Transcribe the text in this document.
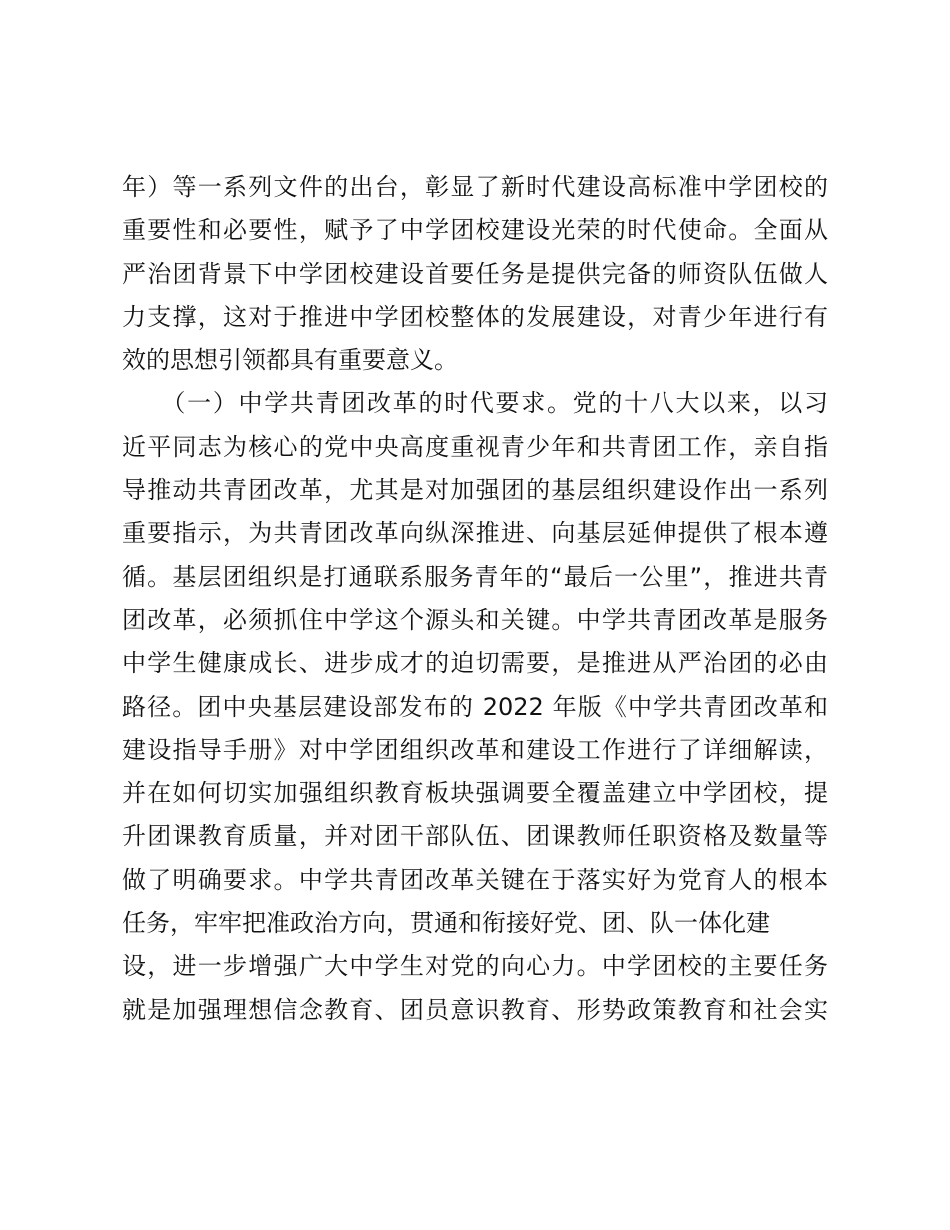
年）等一系列文件的出台，彰显了新时代建设高标准中学团校的
重要性和必要性，赋予了中学团校建设光荣的时代使命。全面从
严治团背景下中学团校建设首要任务是提供完备的师资队伍做人
力支撑，这对于推进中学团校整体的发展建设，对青少年进行有
效的思想引领都具有重要意义。
　　（一）中学共青团改革的时代要求。党的十八大以来，以习
近平同志为核心的党中央高度重视青少年和共青团工作，亲自指
导推动共青团改革，尤其是对加强团的基层组织建设作出一系列
重要指示，为共青团改革向纵深推进、向基层延伸提供了根本遵
循。基层团组织是打通联系服务青年的“最后一公里”，推进共青
团改革，必须抓住中学这个源头和关键。中学共青团改革是服务
中学生健康成长、进步成才的迫切需要，是推进从严治团的必由
路径。团中央基层建设部发布的 2022 年版《中学共青团改革和
建设指导手册》对中学团组织改革和建设工作进行了详细解读，
并在如何切实加强组织教育板块强调要全覆盖建立中学团校，提
升团课教育质量，并对团干部队伍、团课教师任职资格及数量等
做了明确要求。中学共青团改革关键在于落实好为党育人的根本
任务，牢牢把准政治方向，贯通和衔接好党、团、队一体化建
设，进一步增强广大中学生对党的向心力。中学团校的主要任务
就是加强理想信念教育、团员意识教育、形势政策教育和社会实
